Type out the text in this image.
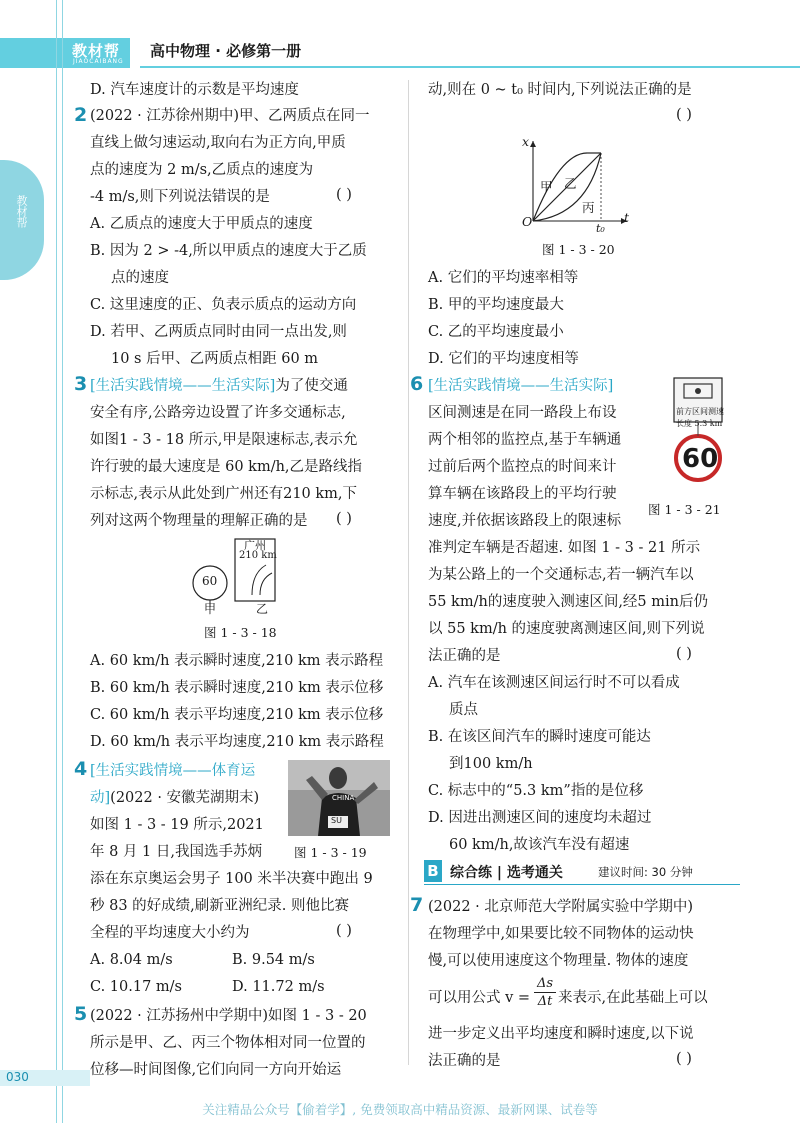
教材帮
JIAOCAIBANG
高中物理 · 必修第一册
教材帮
D. 汽车速度计的示数是平均速度
2 (2022 · 江苏徐州期中)甲、乙两质点在同一
直线上做匀速运动,取向右为正方向,甲质
点的速度为 2 m/s,乙质点的速度为
-4 m/s,则下列说法错误的是	( )
A. 乙质点的速度大于甲质点的速度
B. 因为 2 > -4,所以甲质点的速度大于乙质
点的速度
C. 这里速度的正、负表示质点的运动方向
D. 若甲、乙两质点同时由同一点出发,则
10 s 后甲、乙两质点相距 60 m
3 [生活实践情境——生活实际]为了使交通
安全有序,公路旁边设置了许多交通标志,
如图1 - 3 - 18 所示,甲是限速标志,表示允
许行驶的最大速度是 60 km/h,乙是路线指
示标志,表示从此处到广州还有210 km,下
列对这两个物理量的理解正确的是 ( )
60
甲
广州
210 km
乙
图 1 - 3 - 18
A. 60 km/h 表示瞬时速度,210 km 表示路程
B. 60 km/h 表示瞬时速度,210 km 表示位移
C. 60 km/h 表示平均速度,210 km 表示位移
D. 60 km/h 表示平均速度,210 km 表示路程
4 [生活实践情境——体育运
动](2022 · 安徽芜湖期末)
如图 1 - 3 - 19 所示,2021
年 8 月 1 日,我国选手苏炳
CHINA
SU
图 1 - 3 - 19
添在东京奥运会男子 100 米半决赛中跑出 9
秒 83 的好成绩,刷新亚洲纪录. 则他比赛
全程的平均速度大小约为	( )
A. 8.04 m/s	B. 9.54 m/s
C. 10.17 m/s	D. 11.72 m/s
5 (2022 · 江苏扬州中学期中)如图 1 - 3 - 20
所示是甲、乙、丙三个物体相对同一位置的
位移—时间图像,它们向同一方向开始运
动,则在 0 ~ t₀ 时间内,下列说法正确的是
( )
x
t
O	t₀
甲 乙
丙
图 1 - 3 - 20
A. 它们的平均速率相等
B. 甲的平均速度最大
C. 乙的平均速度最小
D. 它们的平均速度相等
6 [生活实践情境——生活实际]
区间测速是在同一路段上布设
两个相邻的监控点,基于车辆通
过前后两个监控点的时间来计
算车辆在该路段上的平均行驶
速度,并依据该路段上的限速标
前方区间测速
长度 5.3 km
60
图 1 - 3 - 21
准判定车辆是否超速. 如图 1 - 3 - 21 所示
为某公路上的一个交通标志,若一辆汽车以
55 km/h的速度驶入测速区间,经5 min后仍
以 55 km/h 的速度驶离测速区间,则下列说
法正确的是	( )
A. 汽车在该测速区间运行时不可以看成
质点
B. 在该区间汽车的瞬时速度可能达
到100 km/h
C. 标志中的“5.3 km”指的是位移
D. 因进出测速区间的速度均未超过
60 km/h,故该汽车没有超速
B 综合练 | 选考通关	建议时间: 30 分钟
7 (2022 · 北京师范大学附属实验中学期中)
在物理学中,如果要比较不同物体的运动快
慢,可以使用速度这个物理量. 物体的速度
可以用公式 v =
Δs
Δt 来表示,在此基础上可以
进一步定义出平均速度和瞬时速度,以下说
法正确的是	( )
030
关注精品公众号【偷着学】, 免费领取高中精品资源、最新网课、试卷等
